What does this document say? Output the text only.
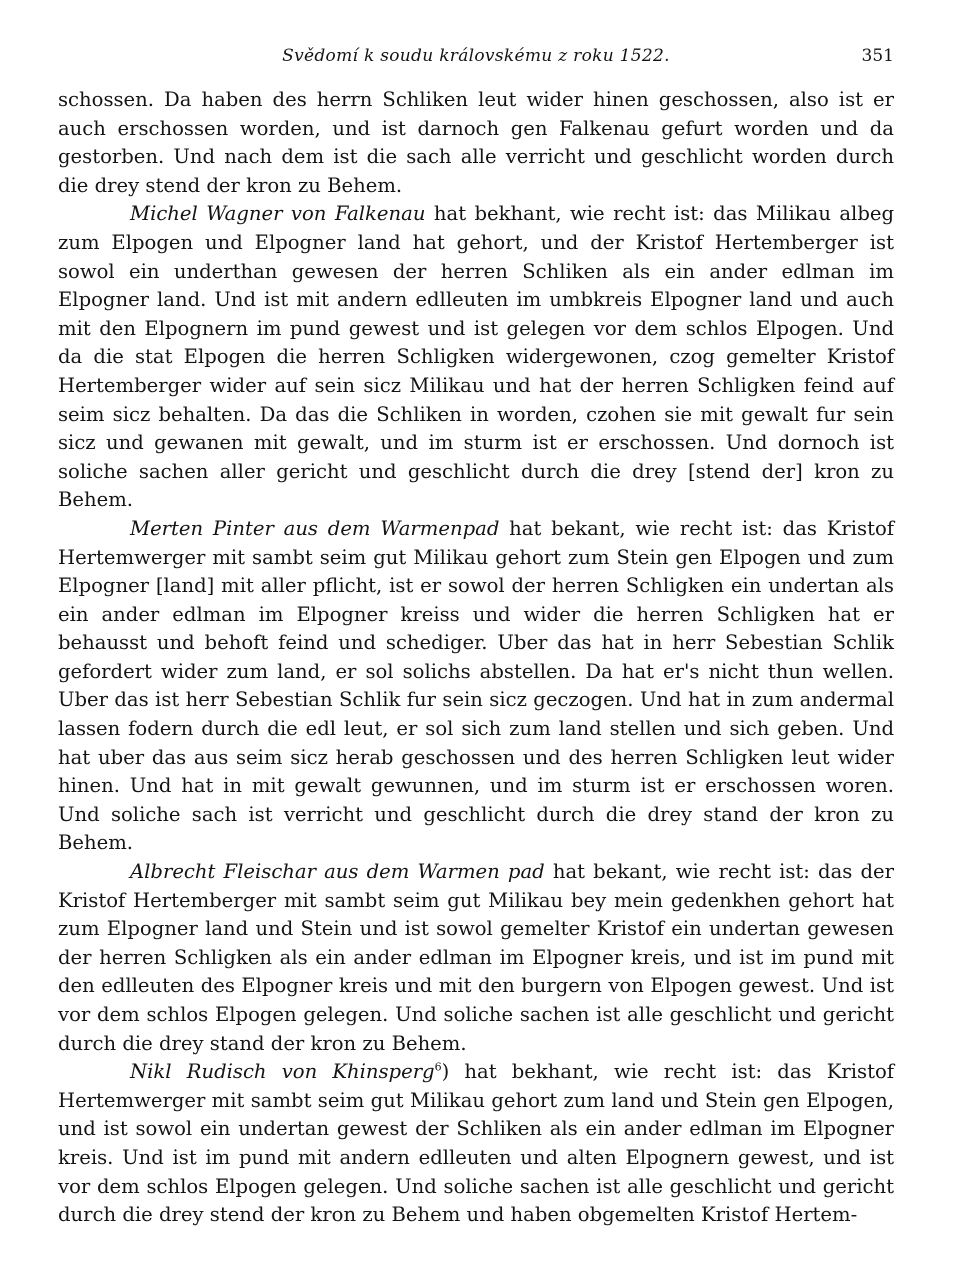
Svědomí k soudu královskému z roku 1522.	351

schossen. Da haben des herrn Schliken leut wider hinen geschossen, also ist er auch erschossen worden, und ist darnoch gen Falkenau gefurt worden und da gestorben. Und nach dem ist die sach alle verricht und geschlicht worden durch die drey stend der kron zu Behem.

Michel Wagner von Falkenau hat bekhant, wie recht ist: das Milikau albeg zum Elpogen und Elpogner land hat gehort, und der Kristof Hertemberger ist sowol ein underthan gewesen der herren Schliken als ein ander edlman im Elpogner land. Und ist mit andern edlleuten im umbkreis Elpogner land und auch mit den Elpognern im pund gewest und ist gelegen vor dem schlos Elpogen. Und da die stat Elpogen die herren Schligken widergewonen, czog gemelter Kristof Hertemberger wider auf sein sicz Milikau und hat der herren Schligken feind auf seim sicz behalten. Da das die Schliken in worden, czohen sie mit gewalt fur sein sicz und gewanen mit gewalt, und im sturm ist er erschossen. Und dornoch ist soliche sachen aller gericht und geschlicht durch die drey [stend der] kron zu Behem.

Merten Pinter aus dem Warmenpad hat bekant, wie recht ist: das Kristof Hertemwerger mit sambt seim gut Milikau gehort zum Stein gen Elpogen und zum Elpogner [land] mit aller pflicht, ist er sowol der herren Schligken ein undertan als ein ander edlman im Elpogner kreiss und wider die herren Schligken hat er behausst und behoft feind und schediger. Uber das hat in herr Sebestian Schlik gefordert wider zum land, er sol solichs abstellen. Da hat er's nicht thun wellen. Uber das ist herr Sebestian Schlik fur sein sicz geczogen. Und hat in zum andermal lassen fodern durch die edl leut, er sol sich zum land stellen und sich geben. Und hat uber das aus seim sicz herab geschossen und des herren Schligken leut wider hinen. Und hat in mit gewalt gewunnen, und im sturm ist er erschossen woren. Und soliche sach ist verricht und geschlicht durch die drey stand der kron zu Behem.

Albrecht Fleischar aus dem Warmen pad hat bekant, wie recht ist: das der Kristof Hertemberger mit sambt seim gut Milikau bey mein gedenkhen gehort hat zum Elpogner land und Stein und ist sowol gemelter Kristof ein undertan gewesen der herren Schligken als ein ander edlman im Elpogner kreis, und ist im pund mit den edlleuten des Elpogner kreis und mit den burgern von Elpogen gewest. Und ist vor dem schlos Elpogen gelegen. Und soliche sachen ist alle geschlicht und gericht durch die drey stand der kron zu Behem.

Nikl Rudisch von Khinsperg$^6$) hat bekhant, wie recht ist: das Kristof Hertemwerger mit sambt seim gut Milikau gehort zum land und Stein gen Elpogen, und ist sowol ein undertan gewest der Schliken als ein ander edlman im Elpogner kreis. Und ist im pund mit andern edlleuten und alten Elpognern gewest, und ist vor dem schlos Elpogen gelegen. Und soliche sachen ist alle geschlicht und gericht durch die drey stend der kron zu Behem und haben obgemelten Kristof Hertem-
